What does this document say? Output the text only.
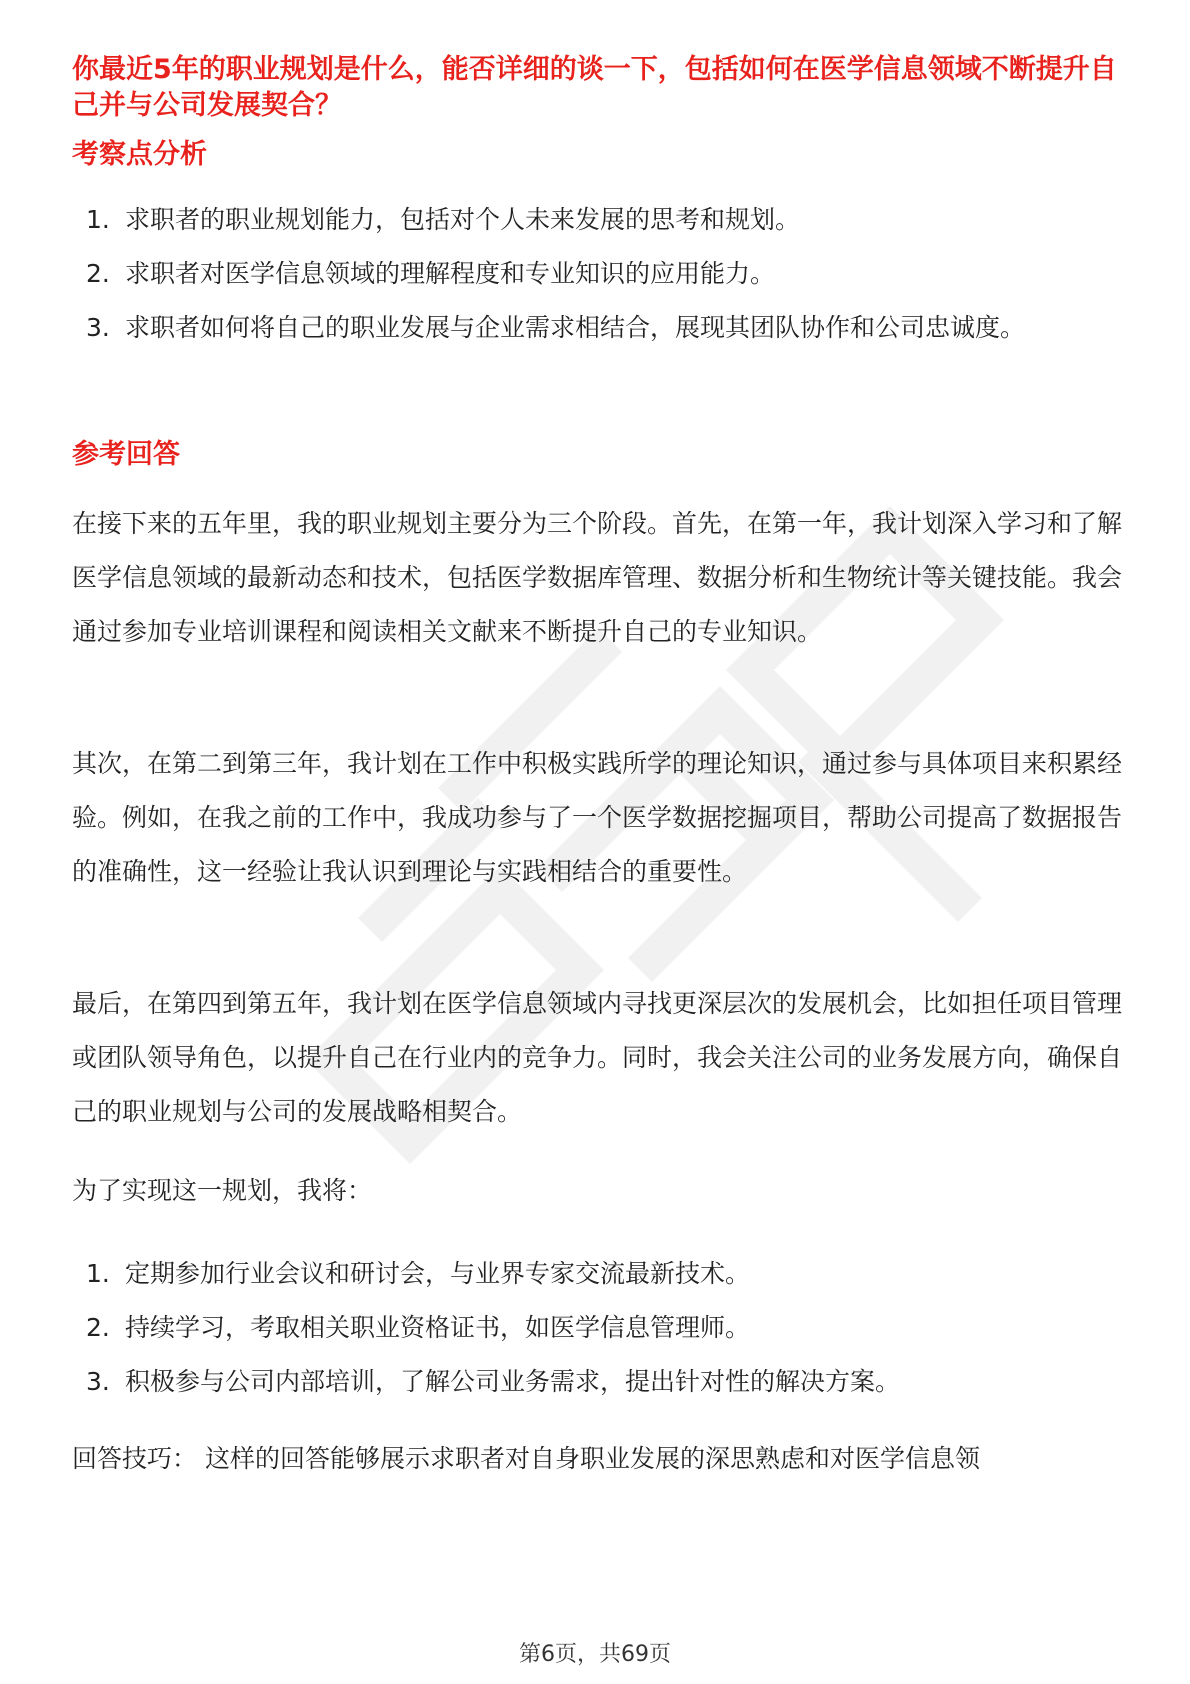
你最近5年的职业规划是什么，能否详细的谈一下，包括如何在医学信息领域不断提升自己并与公司发展契合？

考察点分析
1. 求职者的职业规划能力，包括对个人未来发展的思考和规划。
2. 求职者对医学信息领域的理解程度和专业知识的应用能力。
3. 求职者如何将自己的职业发展与企业需求相结合，展现其团队协作和公司忠诚度。
参考回答

在接下来的五年里，我的职业规划主要分为三个阶段。首先，在第一年，我计划深入学习和了解医学信息领域的最新动态和技术，包括医学数据库管理、数据分析和生物统计等关键技能。我会通过参加专业培训课程和阅读相关文献来不断提升自己的专业知识。

其次，在第二到第三年，我计划在工作中积极实践所学的理论知识，通过参与具体项目来积累经验。例如，在我之前的工作中，我成功参与了一个医学数据挖掘项目，帮助公司提高了数据报告的准确性，这一经验让我认识到理论与实践相结合的重要性。

最后，在第四到第五年，我计划在医学信息领域内寻找更深层次的发展机会，比如担任项目管理或团队领导角色，以提升自己在行业内的竞争力。同时，我会关注公司的业务发展方向，确保自己的职业规划与公司的发展战略相契合。

为了实现这一规划，我将：

1. 定期参加行业会议和研讨会，与业界专家交流最新技术。
2. 持续学习，考取相关职业资格证书，如医学信息管理师。
3. 积极参与公司内部培训，了解公司业务需求，提出针对性的解决方案。

回答技巧： 这样的回答能够展示求职者对自身职业发展的深思熟虑和对医学信息领

第6页，共69页
